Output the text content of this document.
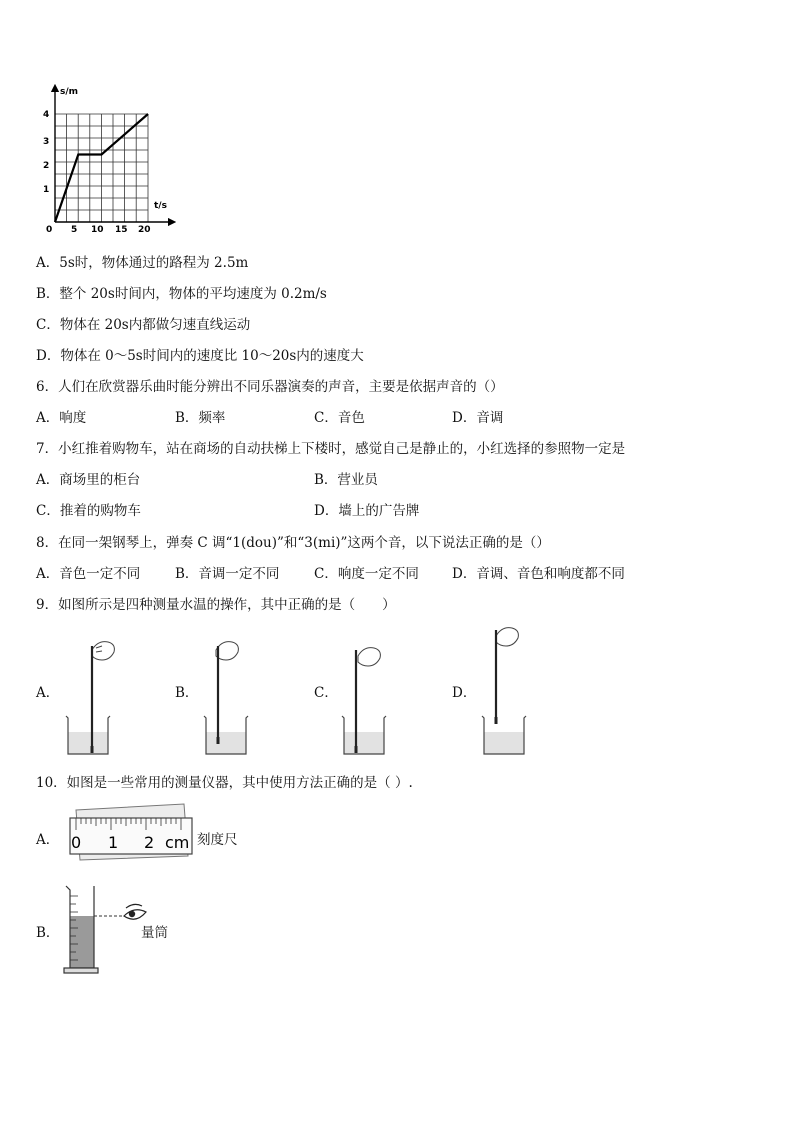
s/m
t/s
1
2
3
4
0 5 10 15 20
A．5s时，物体通过的路程为 2.5m
B．整个 20s时间内，物体的平均速度为 0.2m/s
C．物体在 20s内都做匀速直线运动
D．物体在 0～5s时间内的速度比 10～20s内的速度大
6．人们在欣赏器乐曲时能分辨出不同乐器演奏的声音，主要是依据声音的（）
A．响度	B．频率	C．音色	D．音调
7．小红推着购物车，站在商场的自动扶梯上下楼时，感觉自己是静止的，小红选择的参照物一定是
A．商场里的柜台	B．营业员
C．推着的购物车	D．墙上的广告牌
8．在同一架钢琴上，弹奏 C 调“1(dou)”和“3(mi)”这两个音，以下说法正确的是（）
A．音色一定不同	B．音调一定不同	C．响度一定不同 D．音调、音色和响度都不同
9．如图所示是四种测量水温的操作，其中正确的是（　　）
A．	B．	C．	D．
10．如图是一些常用的测量仪器，其中使用方法正确的是（ ）.
A． 0 1 2 cm 刻度尺
B．	量筒
